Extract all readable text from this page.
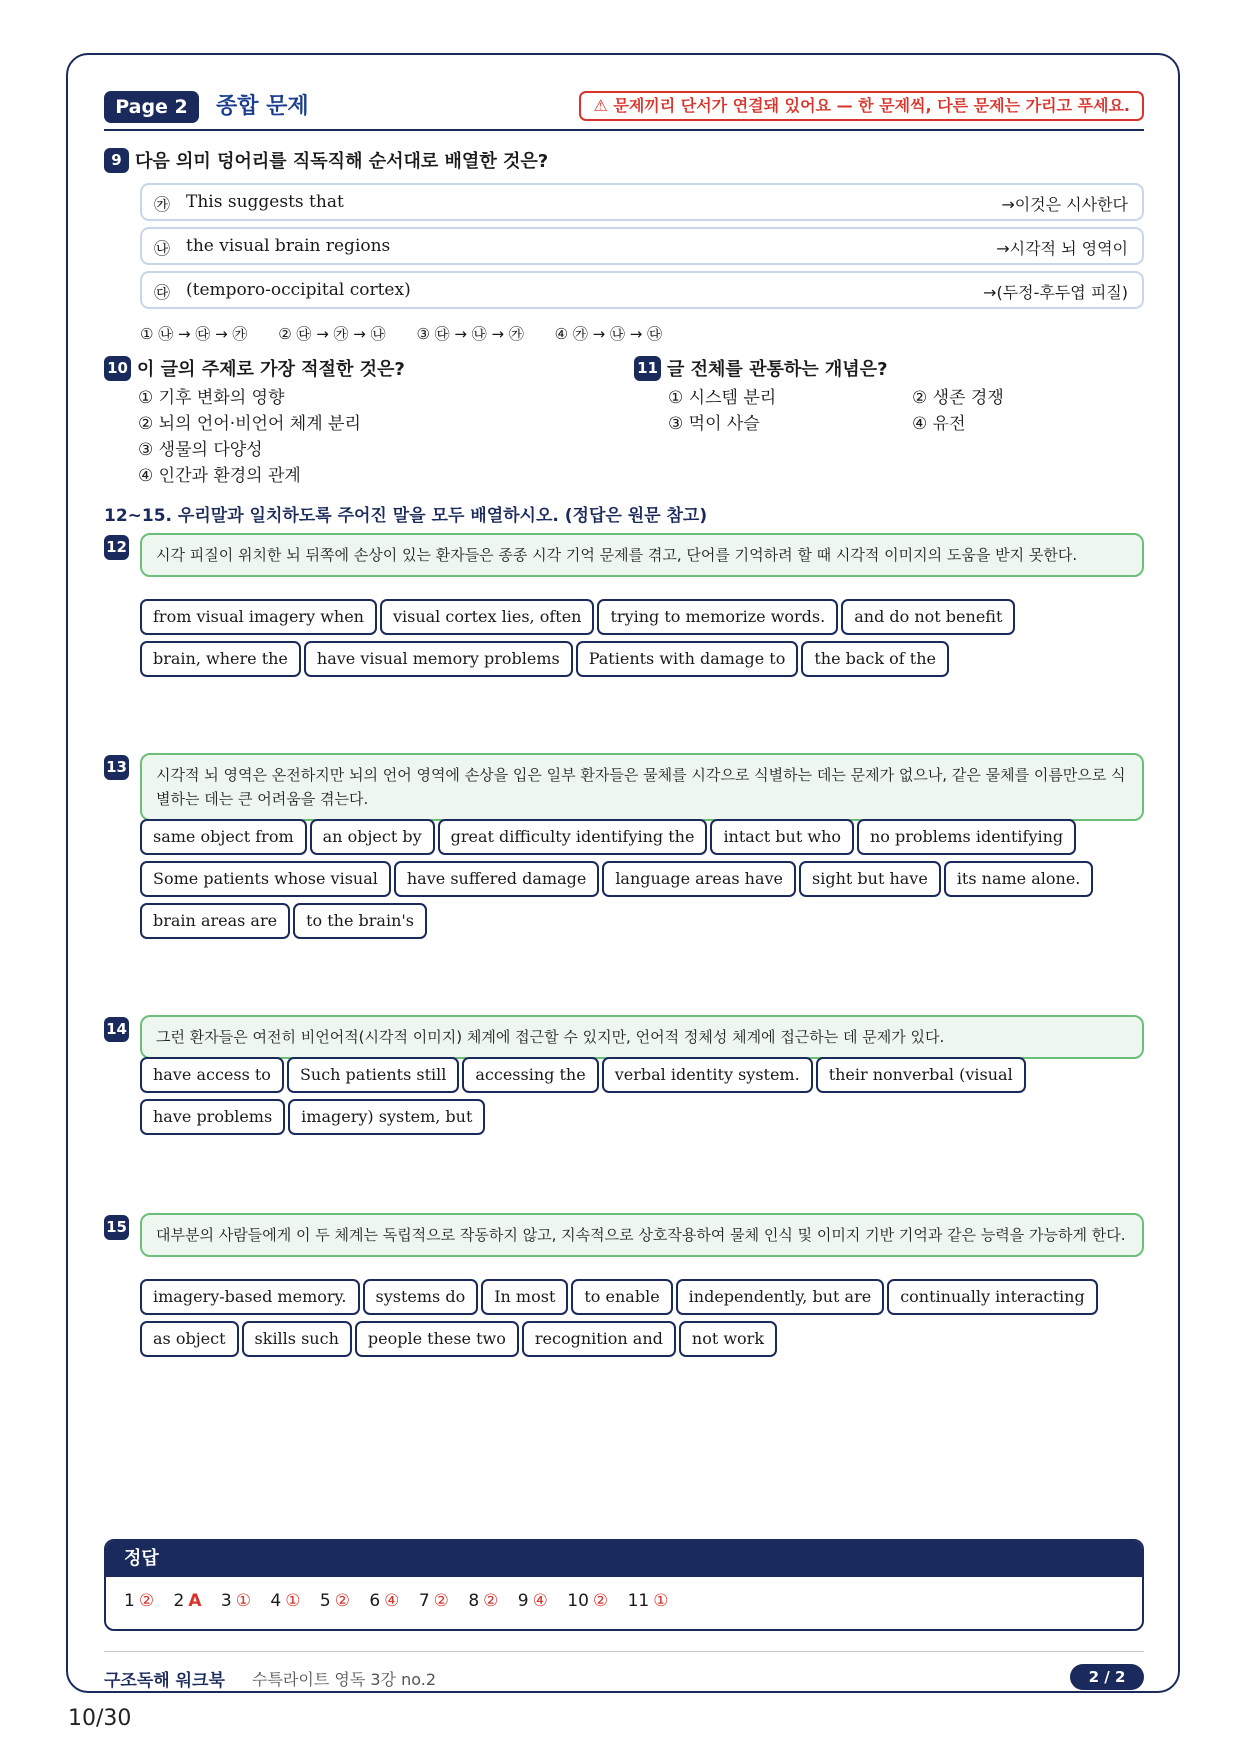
Page 2	종합 문제	⚠ 문제끼리 단서가 연결돼 있어요 — 한 문제씩, 다른 문제는 가리고 푸세요.
9 다음 의미 덩어리를 직독직해 순서대로 배열한 것은?
㉮ This suggests that	→이것은 시사한다
㉯ the visual brain regions	→시각적 뇌 영역이
㉰ (temporo-occipital cortex)	→(두정-후두엽 피질)
① ㉯ → ㉰ → ㉮ ② ㉰ → ㉮ → ㉯ ③ ㉰ → ㉯ → ㉮ ④ ㉮ → ㉯ → ㉰
10 이 글의 주제로 가장 적절한 것은?
① 기후 변화의 영향
② 뇌의 언어·비언어 체계 분리
③ 생물의 다양성
④ 인간과 환경의 관계
11 글 전체를 관통하는 개념은?
① 시스템 분리	② 생존 경쟁
③ 먹이 사슬	④ 유전
12~15. 우리말과 일치하도록 주어진 말을 모두 배열하시오. (정답은 원문 참고)
12	시각 피질이 위치한 뇌 뒤쪽에 손상이 있는 환자들은 종종 시각 기억 문제를 겪고, 단어를 기억하려 할 때 시각적 이미지의 도움을 받지 못한다.
from visual imagery when visual cortex lies, often trying to memorize words. and do not benefit
brain, where the have visual memory problems Patients with damage to the back of the
13	시각적 뇌 영역은 온전하지만 뇌의 언어 영역에 손상을 입은 일부 환자들은 물체를 시각으로 식별하는 데는 문제가 없으나, 같은 물체를 이름만으로 식별하는 데는 큰 어려움을 겪는다.
same object from an object by great difficulty identifying the intact but who no problems identifying
Some patients whose visual have suffered damage language areas have sight but have its name alone.
brain areas are to the brain's
14	그런 환자들은 여전히 비언어적(시각적 이미지) 체계에 접근할 수 있지만, 언어적 정체성 체계에 접근하는 데 문제가 있다.
have access to Such patients still accessing the verbal identity system. their nonverbal (visual
have problems imagery) system, but
15	대부분의 사람들에게 이 두 체계는 독립적으로 작동하지 않고, 지속적으로 상호작용하여 물체 인식 및 이미지 기반 기억과 같은 능력을 가능하게 한다.
imagery-based memory. systems do In most to enable independently, but are continually interacting
as object skills such people these two recognition and not work
정답
1 ② 2 A 3 ① 4 ① 5 ② 6 ④ 7 ② 8 ② 9 ④ 10 ② 11 ①
구조독해 워크북 수특라이트 영독 3강 no.2	2 / 2
10/30
